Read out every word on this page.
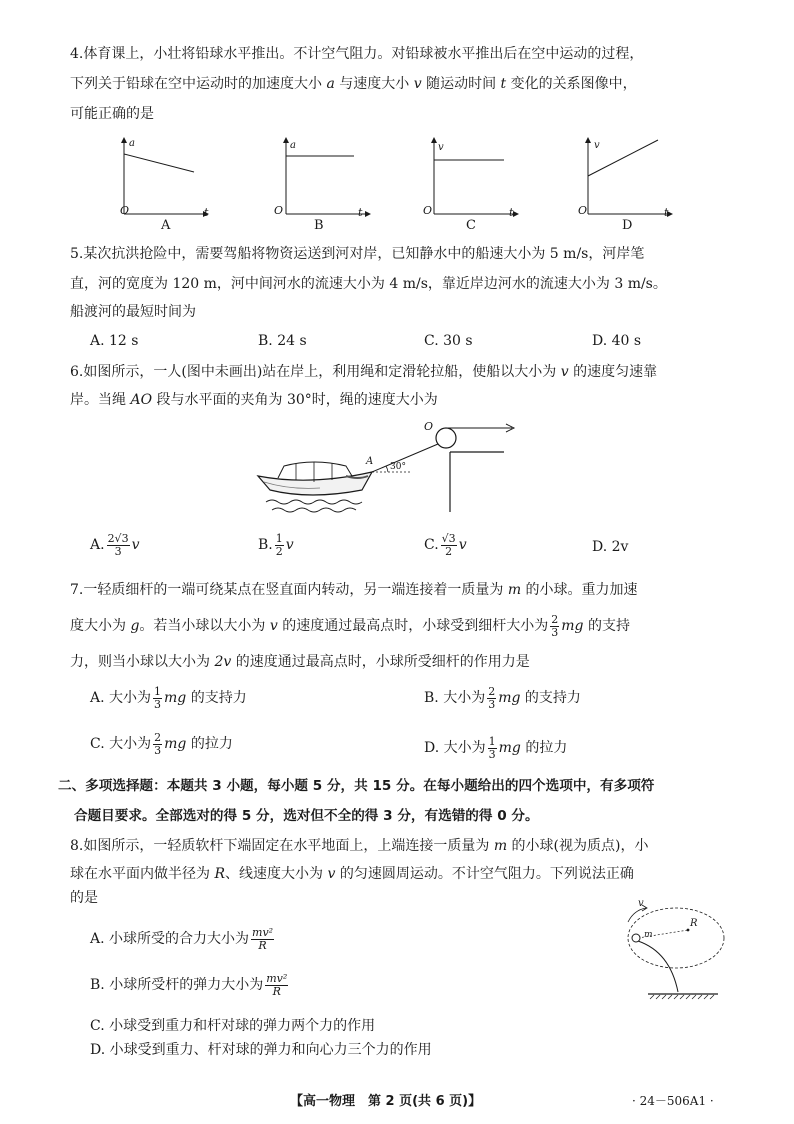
4.体育课上，小壮将铅球水平推出。不计空气阻力。对铅球被水平推出后在空中运动的过程，
下列关于铅球在空中运动时的加速度大小 a 与速度大小 v 随运动时间 t 变化的关系图像中，
可能正确的是
a
O	t
A
a
O	t
B
v
O	t
C
v
O	t
D
5.某次抗洪抢险中，需要驾船将物资运送到河对岸，已知静水中的船速大小为 5 m/s，河岸笔
直，河的宽度为 120 m，河中间河水的流速大小为 4 m/s，靠近岸边河水的流速大小为 3 m/s。
船渡河的最短时间为
A. 12 s	B. 24 s	C. 30 s	D. 40 s
6.如图所示，一人(图中未画出)站在岸上，利用绳和定滑轮拉船，使船以大小为 v 的速度匀速靠
岸。当绳 AO 段与水平面的夹角为 30°时，绳的速度大小为
O
A 30°
A. $\frac{2√3}{3}$ v	B. $\frac{1}{2}$ v	C. $\frac{√3}{2}$ v	D. 2v
7.一轻质细杆的一端可绕某点在竖直面内转动，另一端连接着一质量为 m 的小球。重力加速
度大小为 g。若当小球以大小为 v 的速度通过最高点时，小球受到细杆大小为 $\frac{2}{3}$ mg 的支持
力，则当小球以大小为 2v 的速度通过最高点时，小球所受细杆的作用力是
A. 大小为 $\frac{1}{3}$ mg 的支持力	B. 大小为 $\frac{2}{3}$ mg 的支持力
C. 大小为 $\frac{2}{3}$ mg 的拉力	D. 大小为 $\frac{1}{3}$ mg 的拉力
二、多项选择题：本题共 3 小题，每小题 5 分，共 15 分。在每小题给出的四个选项中，有多项符
合题目要求。全部选对的得 5 分，选对但不全的得 3 分，有选错的得 0 分。
8.如图所示，一轻质软杆下端固定在水平地面上，上端连接一质量为 m 的小球(视为质点)，小
球在水平面内做半径为 R、线速度大小为 v 的匀速圆周运动。不计空气阻力。下列说法正确
的是
A. 小球所受的合力大小为 $\frac{\text{mv²}}{R}$
B. 小球所受杆的弹力大小为 $\frac{\text{mv²}}{R}$
C. 小球受到重力和杆对球的弹力两个力的作用
D. 小球受到重力、杆对球的弹力和向心力三个力的作用
v
m
R
【高一物理　第 2 页(共 6 页)】	· 24－506A1 ·
